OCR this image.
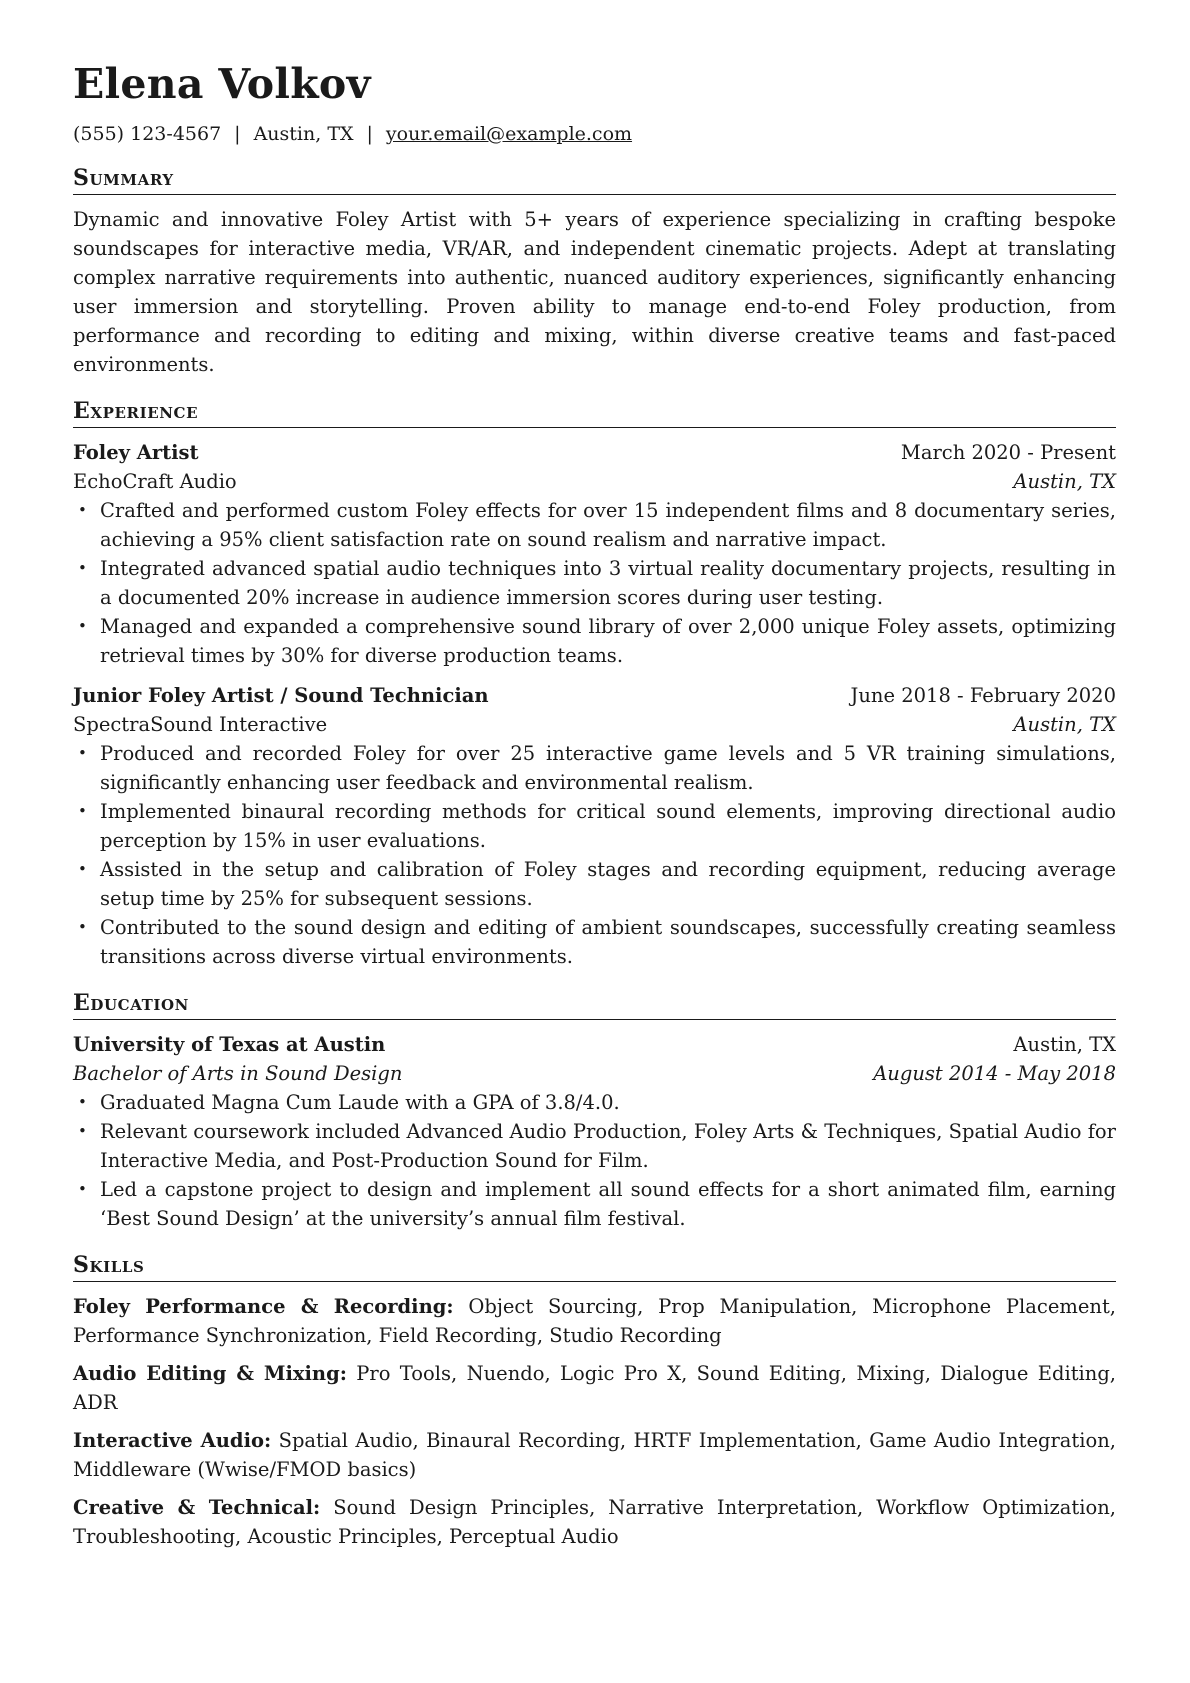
Elena Volkov
(555) 123-4567 | Austin, TX | your.email@example.com
Summary
Dynamic and innovative Foley Artist with 5+ years of experience specializing in crafting bespoke soundscapes for interactive media, VR/AR, and independent cinematic projects. Adept at translating complex narrative requirements into authentic, nuanced auditory experiences, significantly enhancing user immersion and storytelling. Proven ability to manage end-to-end Foley production, from performance and recording to editing and mixing, within diverse creative teams and fast-paced environments.
Experience
Foley Artist	March 2020 - Present
EchoCraft Audio	Austin, TX
• Crafted and performed custom Foley effects for over 15 independent films and 8 documentary series, achieving a 95% client satisfaction rate on sound realism and narrative impact.
• Integrated advanced spatial audio techniques into 3 virtual reality documentary projects, resulting in a documented 20% increase in audience immersion scores during user testing.
• Managed and expanded a comprehensive sound library of over 2,000 unique Foley assets, optimizing retrieval times by 30% for diverse production teams.
Junior Foley Artist / Sound Technician	June 2018 - February 2020
SpectraSound Interactive	Austin, TX
• Produced and recorded Foley for over 25 interactive game levels and 5 VR training simulations, significantly enhancing user feedback and environmental realism.
• Implemented binaural recording methods for critical sound elements, improving directional audio perception by 15% in user evaluations.
• Assisted in the setup and calibration of Foley stages and recording equipment, reducing average setup time by 25% for subsequent sessions.
• Contributed to the sound design and editing of ambient soundscapes, successfully creating seamless transitions across diverse virtual environments.
Education
University of Texas at Austin	Austin, TX
Bachelor of Arts in Sound Design	August 2014 - May 2018
• Graduated Magna Cum Laude with a GPA of 3.8/4.0.
• Relevant coursework included Advanced Audio Production, Foley Arts & Techniques, Spatial Audio for Interactive Media, and Post-Production Sound for Film.
• Led a capstone project to design and implement all sound effects for a short animated film, earning ‘Best Sound Design’ at the university’s annual film festival.
Skills
Foley Performance & Recording: Object Sourcing, Prop Manipulation, Microphone Placement, Performance Synchronization, Field Recording, Studio Recording
Audio Editing & Mixing: Pro Tools, Nuendo, Logic Pro X, Sound Editing, Mixing, Dialogue Editing, ADR
Interactive Audio: Spatial Audio, Binaural Recording, HRTF Implementation, Game Audio Integration, Middleware (Wwise/FMOD basics)
Creative & Technical: Sound Design Principles, Narrative Interpretation, Workflow Optimization, Troubleshooting, Acoustic Principles, Perceptual Audio
